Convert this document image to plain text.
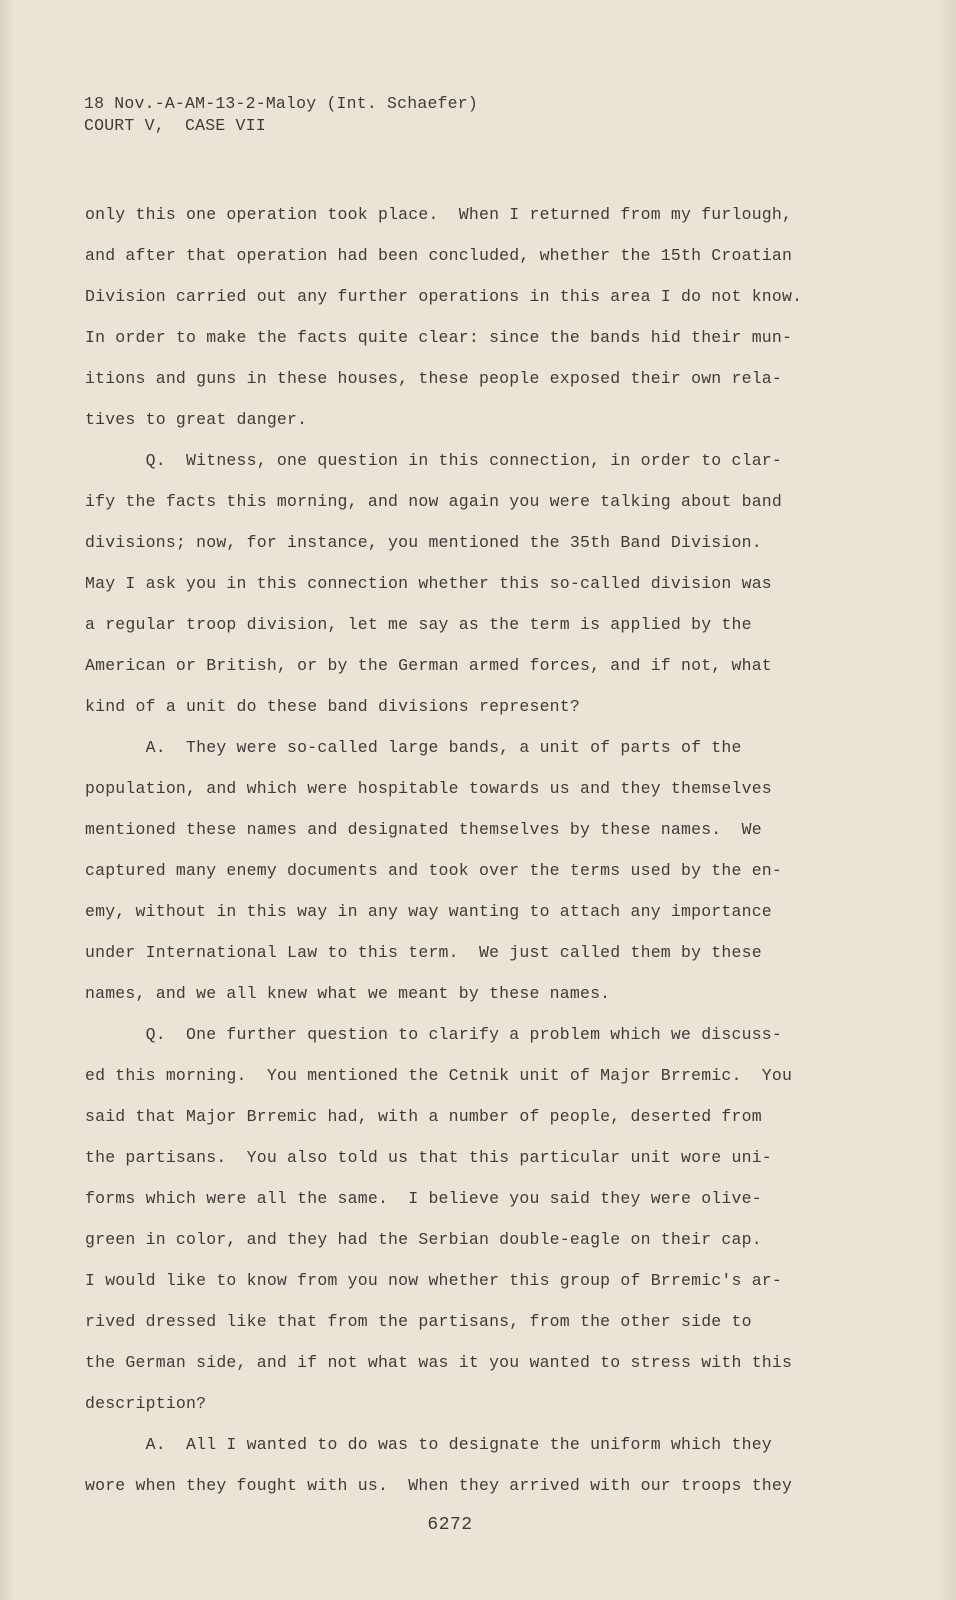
18 Nov.-A-AM-13-2-Maloy (Int. Schaefer)
COURT V,  CASE VII
only this one operation took place.  When I returned from my furlough,
and after that operation had been concluded, whether the 15th Croatian
Division carried out any further operations in this area I do not know.
In order to make the facts quite clear: since the bands hid their mun-
itions and guns in these houses, these people exposed their own rela-
tives to great danger.
Q.  Witness, one question in this connection, in order to clar-
ify the facts this morning, and now again you were talking about band
divisions; now, for instance, you mentioned the 35th Band Division.
May I ask you in this connection whether this so-called division was
a regular troop division, let me say as the term is applied by the
American or British, or by the German armed forces, and if not, what
kind of a unit do these band divisions represent?
A.  They were so-called large bands, a unit of parts of the
population, and which were hospitable towards us and they themselves
mentioned these names and designated themselves by these names.  We
captured many enemy documents and took over the terms used by the en-
emy, without in this way in any way wanting to attach any importance
under International Law to this term.  We just called them by these
names, and we all knew what we meant by these names.
Q.  One further question to clarify a problem which we discuss-
ed this morning.  You mentioned the Cetnik unit of Major Brremic.  You
said that Major Brremic had, with a number of people, deserted from
the partisans.  You also told us that this particular unit wore uni-
forms which were all the same.  I believe you said they were olive-
green in color, and they had the Serbian double-eagle on their cap.
I would like to know from you now whether this group of Brremic's ar-
rived dressed like that from the partisans, from the other side to
the German side, and if not what was it you wanted to stress with this
description?
A.  All I wanted to do was to designate the uniform which they
wore when they fought with us.  When they arrived with our troops they
6272
